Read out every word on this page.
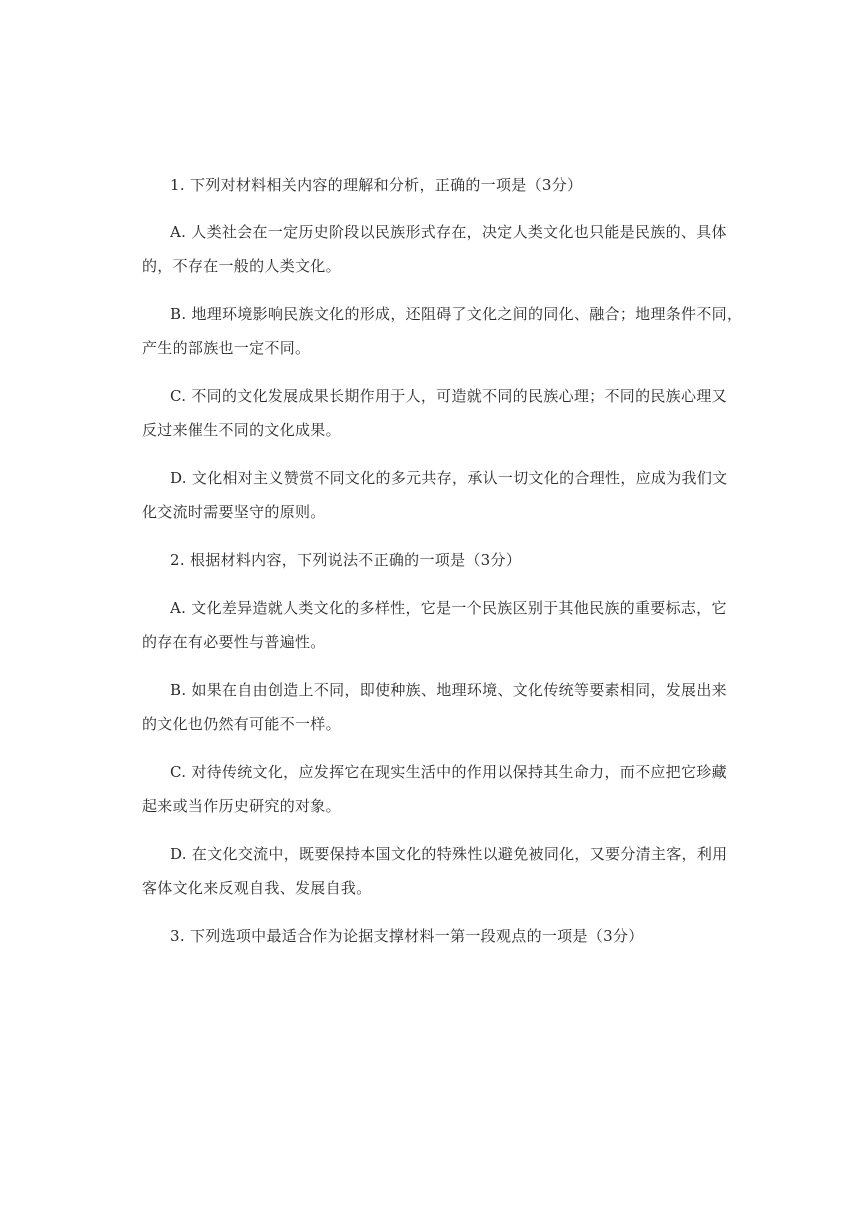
1. 下列对材料相关内容的理解和分析，正确的一项是（3分）
A. 人类社会在一定历史阶段以民族形式存在，决定人类文化也只能是民族的、具体
的，不存在一般的人类文化。
B. 地理环境影响民族文化的形成，还阻碍了文化之间的同化、融合；地理条件不同，
产生的部族也一定不同。
C. 不同的文化发展成果长期作用于人，可造就不同的民族心理；不同的民族心理又
反过来催生不同的文化成果。
D. 文化相对主义赞赏不同文化的多元共存，承认一切文化的合理性，应成为我们文
化交流时需要坚守的原则。
2. 根据材料内容，下列说法不正确的一项是（3分）
A. 文化差异造就人类文化的多样性，它是一个民族区别于其他民族的重要标志，它
的存在有必要性与普遍性。
B. 如果在自由创造上不同，即使种族、地理环境、文化传统等要素相同，发展出来
的文化也仍然有可能不一样。
C. 对待传统文化，应发挥它在现实生活中的作用以保持其生命力，而不应把它珍藏
起来或当作历史研究的对象。
D. 在文化交流中，既要保持本国文化的特殊性以避免被同化，又要分清主客，利用
客体文化来反观自我、发展自我。
3. 下列选项中最适合作为论据支撑材料一第一段观点的一项是（3分）
